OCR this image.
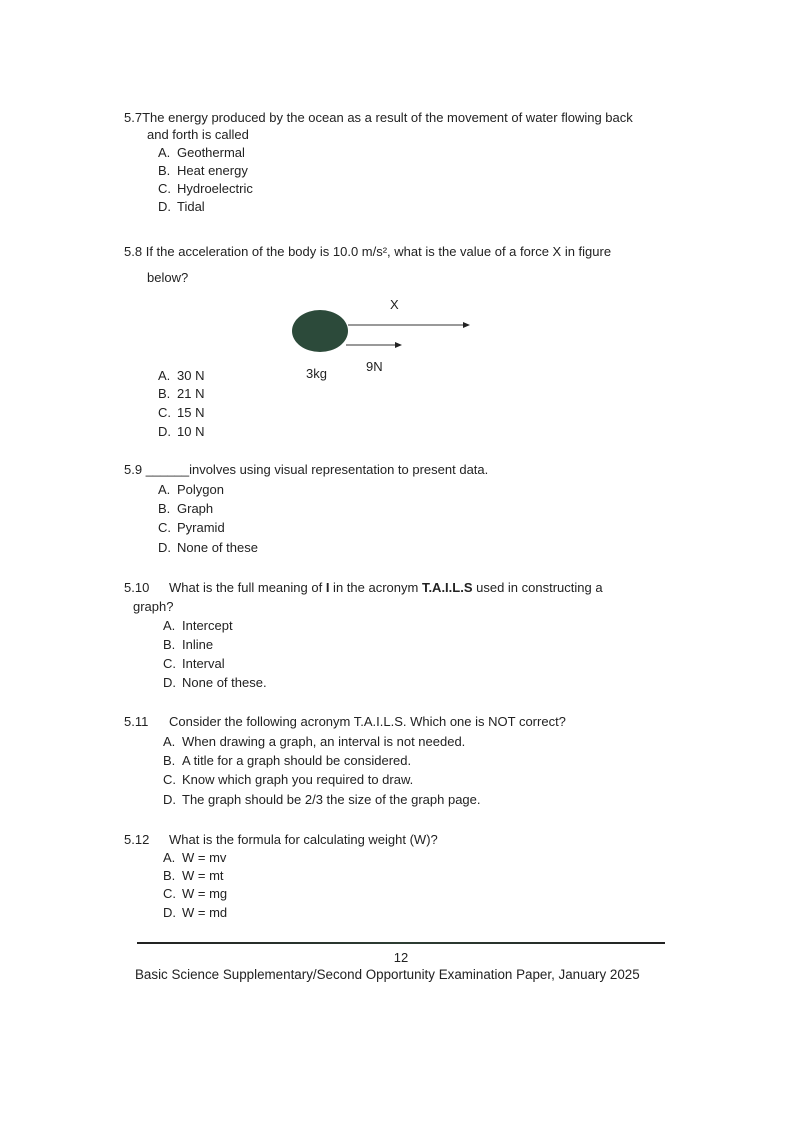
5.7The energy produced by the ocean as a result of the movement of water flowing back
and forth is called
A. Geothermal
B. Heat energy
C. Hydroelectric
D. Tidal
5.8 If the acceleration of the body is 10.0 m/s², what is the value of a force X in figure
below?
X
9N
3kg
A. 30 N
B. 21 N
C. 15 N
D. 10 N
5.9 ______involves using visual representation to present data.
A. Polygon
B. Graph
C. Pyramid
D. None of these
5.10 What is the full meaning of I in the acronym T.A.I.L.S used in constructing a
graph?
A. Intercept
B. Inline
C. Interval
D. None of these.
5.11 Consider the following acronym T.A.I.L.S. Which one is NOT correct?
A. When drawing a graph, an interval is not needed.
B. A title for a graph should be considered.
C. Know which graph you required to draw.
D. The graph should be 2/3 the size of the graph page.
5.12 What is the formula for calculating weight (W)?
A. W = mv
B. W = mt
C. W = mg
D. W = md
12
Basic Science Supplementary/Second Opportunity Examination Paper, January 2025
